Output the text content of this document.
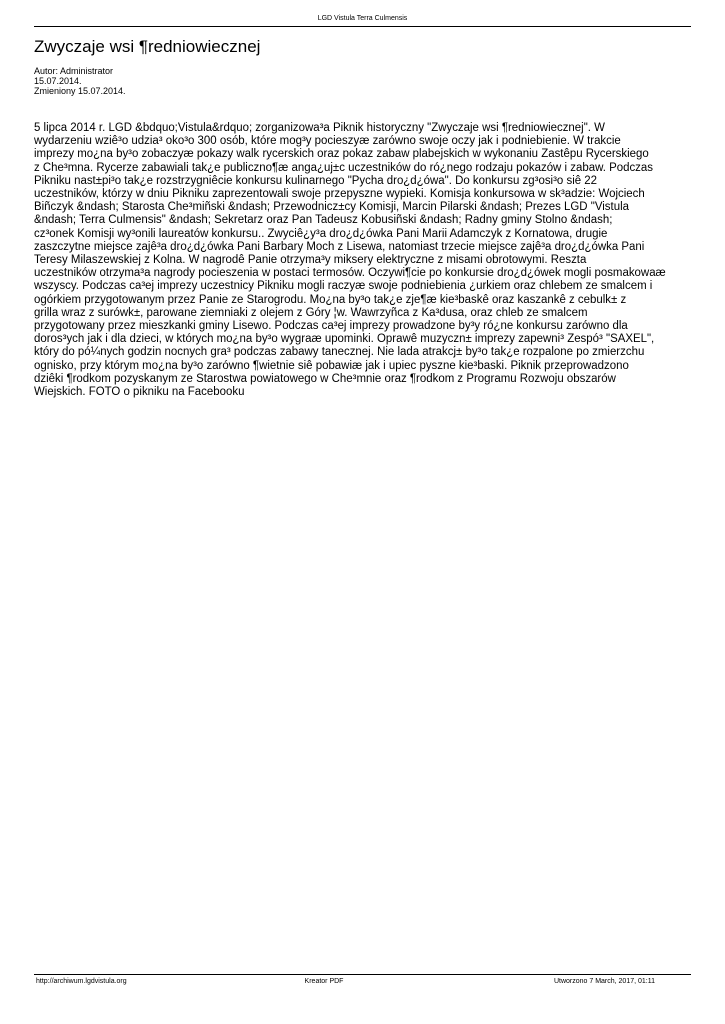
LGD Vistula Terra Culmensis
Zwyczaje wsi ¶redniowiecznej
Autor: Administrator
15.07.2014.
Zmieniony 15.07.2014.
5 lipca 2014 r. LGD &bdquo;Vistula&rdquo; zorganizowa³a Piknik historyczny "Zwyczaje wsi ¶redniowiecznej". W
wydarzeniu wziê³o udzia³ oko³o 300 osób, które mog³y pocieszyæ zarówno swoje oczy jak i podniebienie. W trakcie
imprezy mo¿na by³o zobaczyæ pokazy walk rycerskich oraz pokaz zabaw plabejskich w wykonaniu Zastêpu Rycerskiego
z Che³mna. Rycerze zabawiali tak¿e publiczno¶æ anga¿uj±c uczestników do ró¿nego rodzaju pokazów i zabaw. Podczas
Pikniku nast±pi³o tak¿e rozstrzygniêcie konkursu kulinarnego "Pycha dro¿d¿ówa". Do konkursu zg³osi³o siê 22
uczestników, którzy w dniu Pikniku zaprezentowali swoje przepyszne wypieki. Komisja konkursowa w sk³adzie: Wojciech
Biñczyk &ndash; Starosta Che³miñski &ndash; Przewodnicz±cy Komisji, Marcin Pilarski &ndash; Prezes LGD "Vistula
&ndash; Terra Culmensis" &ndash; Sekretarz oraz Pan Tadeusz Kobusiñski &ndash; Radny gminy Stolno &ndash;
cz³onek Komisji wy³onili laureatów konkursu.. Zwyciê¿y³a dro¿d¿ówka Pani Marii Adamczyk z Kornatowa, drugie
zaszczytne miejsce zajê³a dro¿d¿ówka Pani Barbary Moch z Lisewa, natomiast trzecie miejsce zajê³a dro¿d¿ówka Pani
Teresy Milaszewskiej z Kolna. W nagrodê Panie otrzyma³y miksery elektryczne z misami obrotowymi. Reszta
uczestników otrzyma³a nagrody pocieszenia w postaci termosów. Oczywi¶cie po konkursie dro¿d¿ówek mogli posmakowaæ
wszyscy. Podczas ca³ej imprezy uczestnicy Pikniku mogli raczyæ swoje podniebienia ¿urkiem oraz chlebem ze smalcem i
ogórkiem przygotowanym przez Panie ze Starogrodu. Mo¿na by³o tak¿e zje¶æ kie³baskê oraz kaszankê z cebulk± z
grilla wraz z surówk±, parowane ziemniaki z olejem z Góry ¦w. Wawrzyñca z Ka³dusa, oraz chleb ze smalcem
przygotowany przez mieszkanki gminy Lisewo. Podczas ca³ej imprezy prowadzone by³y ró¿ne konkursu zarówno dla
doros³ych jak i dla dzieci, w których mo¿na by³o wygraæ upominki. Oprawê muzyczn± imprezy zapewni³ Zespó³ "SAXEL",
który do pó¼nych godzin nocnych gra³ podczas zabawy tanecznej. Nie lada atrakcj± by³o tak¿e rozpalone po zmierzchu
ognisko, przy którym mo¿na by³o zarówno ¶wietnie siê pobawiæ jak i upiec pyszne kie³baski. Piknik przeprowadzono
dziêki ¶rodkom pozyskanym ze Starostwa powiatowego w Che³mnie oraz ¶rodkom z Programu Rozwoju obszarów
Wiejskich. FOTO o pikniku na Facebooku
http://archiwum.lgdvistula.org	Kreator PDF	Utworzono 7 March, 2017, 01:11
